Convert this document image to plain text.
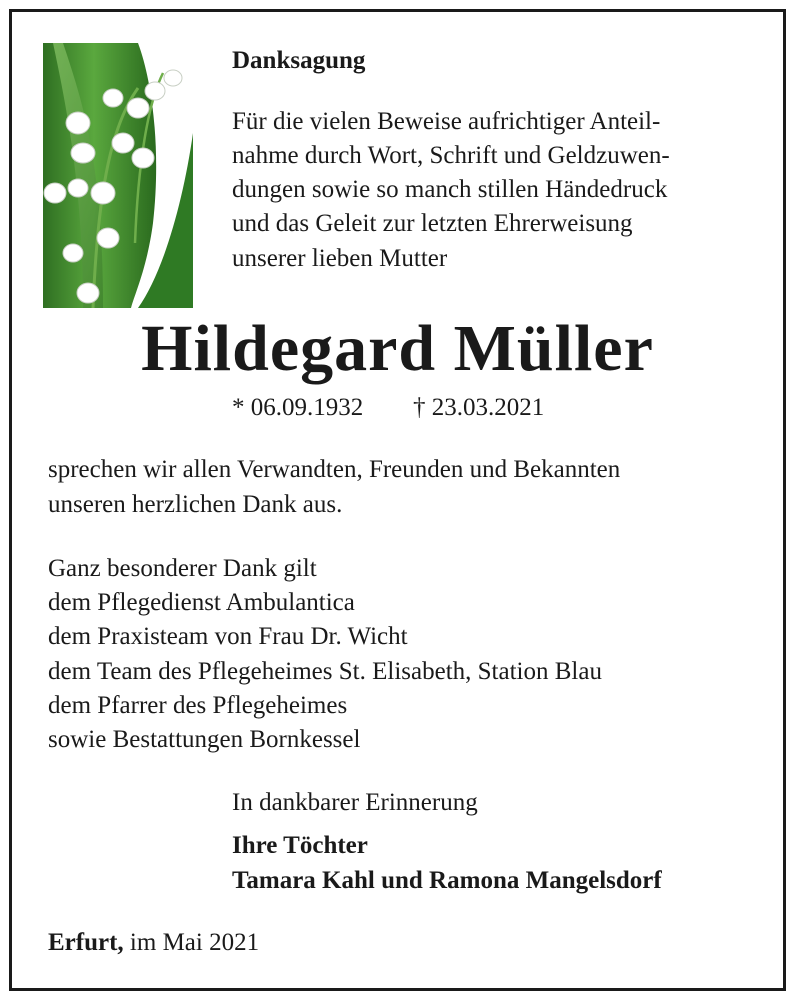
Danksagung
Für die vielen Beweise aufrichtiger Anteil-
nahme durch Wort, Schrift und Geldzuwen-
dungen sowie so manch stillen Händedruck
und das Geleit zur letzten Ehrerweisung
unserer lieben Mutter
Hildegard Müller
* 06.09.1932 † 23.03.2021
sprechen wir allen Verwandten, Freunden und Bekannten
unseren herzlichen Dank aus.
Ganz besonderer Dank gilt
dem Pflegedienst Ambulantica
dem Praxisteam von Frau Dr. Wicht
dem Team des Pflegeheimes St. Elisabeth, Station Blau
dem Pfarrer des Pflegeheimes
sowie Bestattungen Bornkessel
In dankbarer Erinnerung
Ihre Töchter
Tamara Kahl und Ramona Mangelsdorf
Erfurt, im Mai 2021
